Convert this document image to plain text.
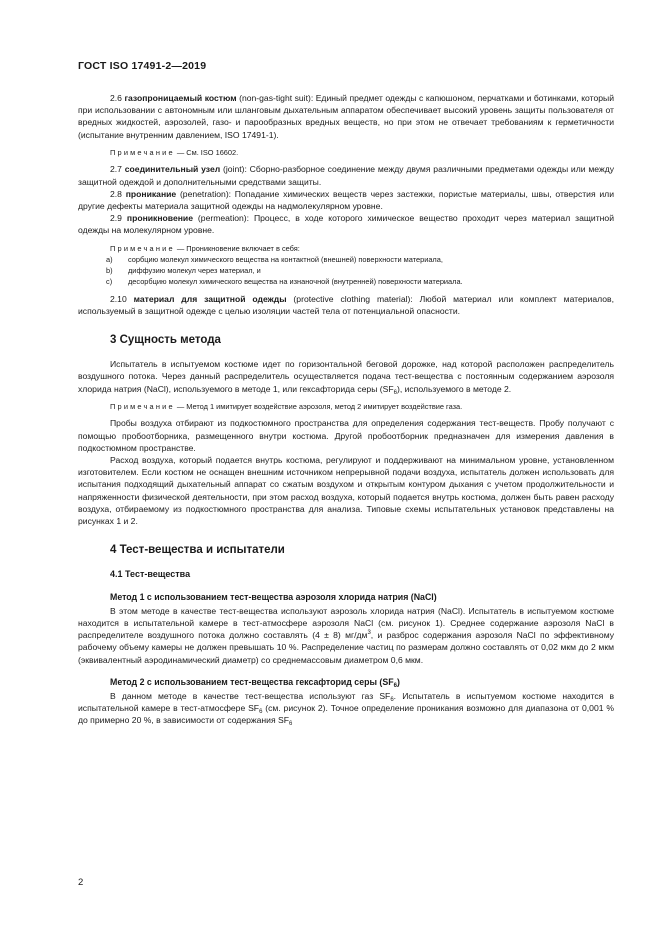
ГОСТ ISO 17491-2—2019

2.6 газопроницаемый костюм (non-gas-tight suit): Единый предмет одежды с капюшоном, перчатками и ботинками, который при использовании с автономным или шланговым дыхательным аппаратом обеспечивает высокий уровень защиты пользователя от вредных жидкостей, аэрозолей, газо- и парообразных вредных веществ, но при этом не отвечает требованиям к герметичности (испытание внутренним давлением, ISO 17491-1).

Примечание — См. ISO 16602.

2.7 соединительный узел (joint): Сборно-разборное соединение между двумя различными предметами одежды или между защитной одеждой и дополнительными средствами защиты.

2.8 проникание (penetration): Попадание химических веществ через застежки, пористые материалы, швы, отверстия или другие дефекты материала защитной одежды на надмолекулярном уровне.

2.9 проникновение (permeation): Процесс, в ходе которого химическое вещество проходит через материал защитной одежды на молекулярном уровне.

Примечание — Проникновение включает в себя:

а) сорбцию молекул химического вещества на контактной (внешней) поверхности материала,
b) диффузию молекул через материал, и
с) десорбцию молекул химического вещества на изнаночной (внутренней) поверхности материала.

2.10 материал для защитной одежды (protective clothing material): Любой материал или комплект материалов, используемый в защитной одежде с целью изоляции частей тела от потенциальной опасности.

3 Сущность метода

Испытатель в испытуемом костюме идет по горизонтальной беговой дорожке, над которой расположен распределитель воздушного потока. Через данный распределитель осуществляется подача тест-вещества с постоянным содержанием аэрозоля хлорида натрия (NaCl), используемого в методе 1, или гексафторида серы $(SF_6)$, используемого в методе 2.

Примечание — Метод 1 имитирует воздействие аэрозоля, метод 2 имитирует воздействие газа.

Пробы воздуха отбирают из подкостюмного пространства для определения содержания тест-веществ. Пробу получают с помощью пробоотборника, размещенного внутри костюма. Другой пробоотборник предназначен для измерения давления в подкостюмном пространстве.

Расход воздуха, который подается внутрь костюма, регулируют и поддерживают на минимальном уровне, установленном изготовителем. Если костюм не оснащен внешним источником непрерывной подачи воздуха, испытатель должен использовать для испытания подходящий дыхательный аппарат со сжатым воздухом и открытым контуром дыхания с учетом продолжительности и напряженности физической деятельности, при этом расход воздуха, который подается внутрь костюма, должен быть равен расходу воздуха, отбираемому из подкостюмного пространства для анализа. Типовые схемы испытательных установок представлены на рисунках 1 и 2.

4 Тест-вещества и испытатели
4.1 Тест-вещества
Метод 1 с использованием тест-вещества аэрозоля хлорида натрия (NaCl)

В этом методе в качестве тест-вещества используют аэрозоль хлорида натрия (NaCl). Испытатель в испытуемом костюме находится в испытательной камере в тест-атмосфере аэрозоля NaCl (см. рисунок 1). Среднее содержание аэрозоля NaCl в распределителе воздушного потока должно составлять (4 ± 8) $мг/дм^3$, и разброс содержания аэрозоля NaCl по эффективному рабочему объему камеры не должен превышать 10 %. Распределение частиц по размерам должно составлять от 0,02 мкм до 2 мкм (эквивалентный аэродинамический диаметр) со среднемассовым диаметром 0,6 мкм.

Метод 2 с использованием тест-вещества гексафторид серы $(SF_6)$

В данном методе в качестве тест-вещества используют газ $SF_6$. Испытатель в испытуемом костюме находится в испытательной камере в тест-атмосфере $SF_6$ (см. рисунок 2). Точное определение проникания возможно для диапазона от 0,001 % до примерно 20 %, в зависимости от содержания $SF_6$

2
